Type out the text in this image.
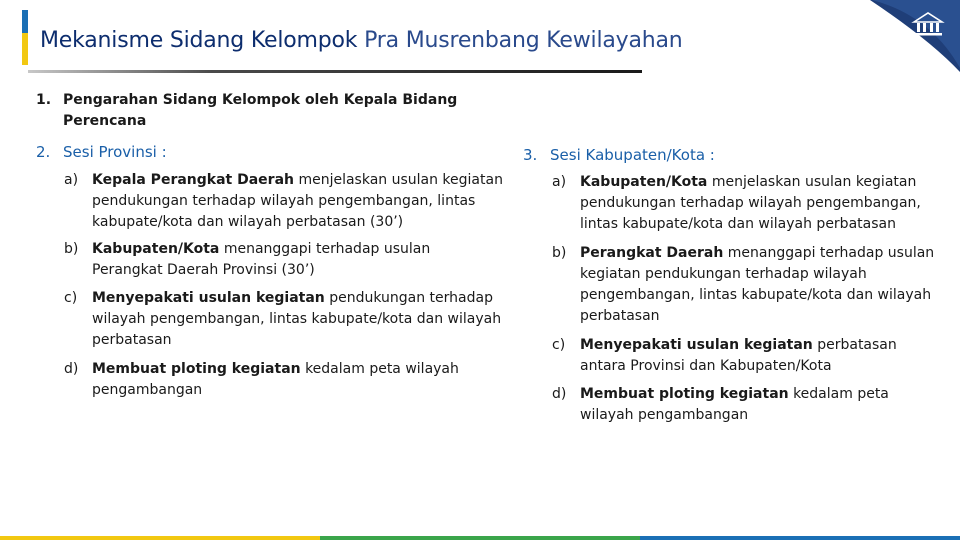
Mekanisme Sidang Kelompok Pra Musrenbang Kewilayahan
1. Pengarahan Sidang Kelompok oleh Kepala Bidang
Perencana
2. Sesi Provinsi :
a) Kepala Perangkat Daerah menjelaskan usulan kegiatan pendukungan terhadap wilayah pengembangan, lintas kabupate/kota dan wilayah perbatasan (30’)
b) Kabupaten/Kota menanggapi terhadap usulan Perangkat Daerah Provinsi (30’)
c)	Menyepakati usulan kegiatan pendukungan terhadap wilayah pengembangan, lintas kabupate/kota dan wilayah perbatasan
d) Membuat ploting kegiatan kedalam peta wilayah pengambangan
3. Sesi Kabupaten/Kota :
a) Kabupaten/Kota menjelaskan usulan kegiatan pendukungan terhadap wilayah pengembangan, lintas kabupate/kota dan wilayah perbatasan
b) Perangkat Daerah menanggapi terhadap usulan kegiatan pendukungan terhadap wilayah pengembangan, lintas kabupate/kota dan wilayah perbatasan
c)	Menyepakati usulan kegiatan perbatasan antara Provinsi dan Kabupaten/Kota
d) Membuat ploting kegiatan kedalam peta wilayah pengambangan
